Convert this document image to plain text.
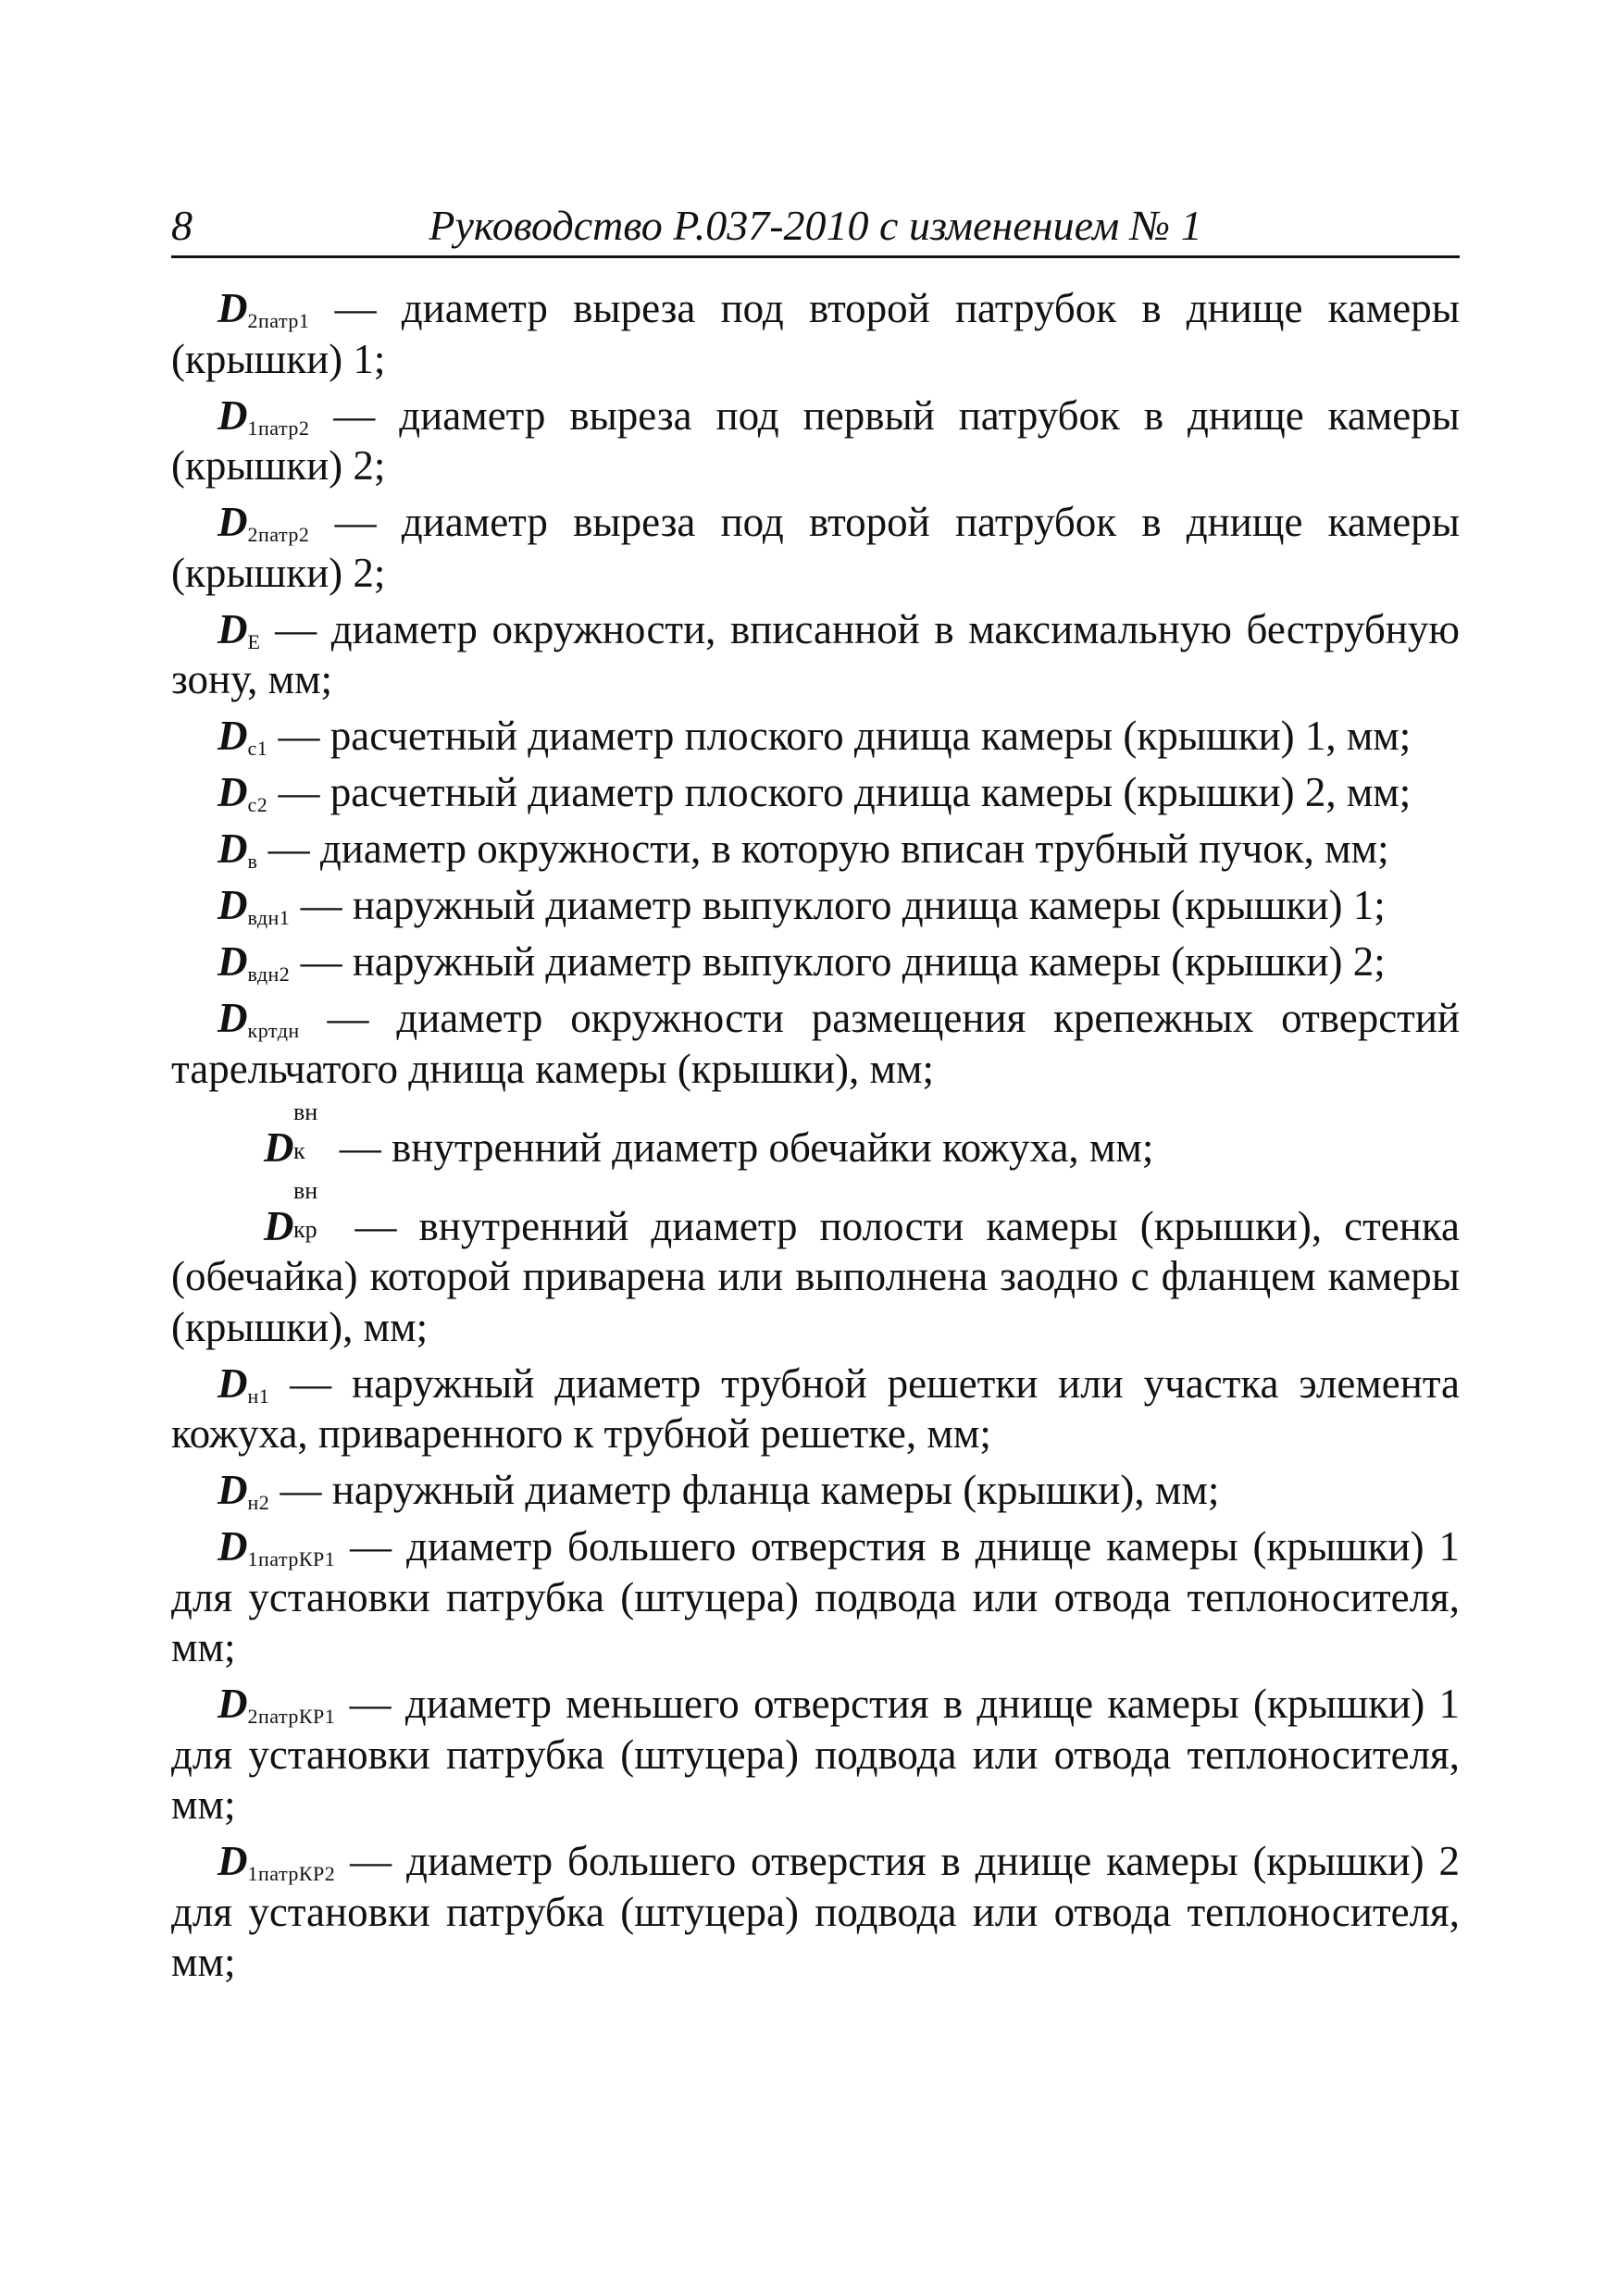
8	Руководство Р.037-2010 с изменением № 1

$D_{2патр1}$ — диаметр выреза под второй патрубок в днище камеры (крышки) 1;

$D_{1патр2}$ — диаметр выреза под первый патрубок в днище камеры (крышки) 2;

$D_{2патр2}$ — диаметр выреза под второй патрубок в днище камеры (крышки) 2;

$D_E$ — диаметр окружности, вписанной в максимальную беструбную зону, мм;

$D_{c1}$ — расчетный диаметр плоского днища камеры (крышки) 1, мм;

$D_{c2}$ — расчетный диаметр плоского днища камеры (крышки) 2, мм;

$D_в$ — диаметр окружности, в которую вписан трубный пучок, мм;

$D_{вдн1}$ — наружный диаметр выпуклого днища камеры (крышки) 1;

$D_{вдн2}$ — наружный диаметр выпуклого днища камеры (крышки) 2;

$D_{кртдн}$ — диаметр окружности размещения крепежных отверстий тарельчатого днища камеры (крышки), мм;

D
вн
к — внутренний диаметр обечайки кожуха, мм;

D
вн
кр — внутренний диаметр полости камеры (крышки), стенка (обечайка) которой приварена или выполнена заодно с фланцем камеры (крышки), мм;

$D_{н1}$ — наружный диаметр трубной решетки или участка элемента кожуха, приваренного к трубной решетке, мм;

$D_{н2}$ — наружный диаметр фланца камеры (крышки), мм;

$D_{1патрКР1}$ — диаметр большего отверстия в днище камеры (крышки) 1 для установки патрубка (штуцера) подвода или отвода теплоносителя, мм;

$D_{2патрКР1}$ — диаметр меньшего отверстия в днище камеры (крышки) 1 для установки патрубка (штуцера) подвода или отвода теплоносителя, мм;

$D_{1патрКР2}$ — диаметр большего отверстия в днище камеры (крышки) 2 для установки патрубка (штуцера) подвода или отвода теплоносителя, мм;
